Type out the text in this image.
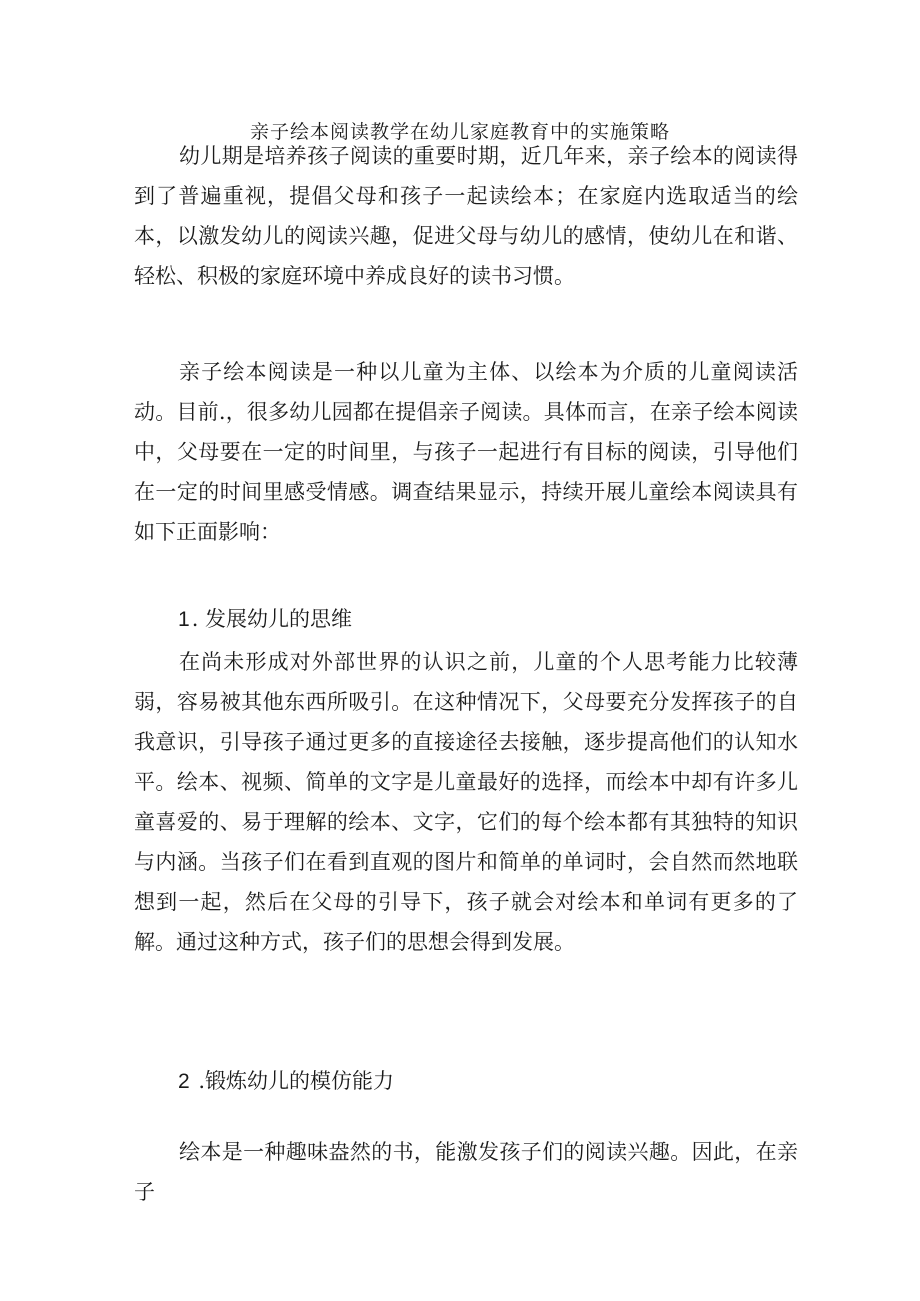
亲子绘本阅读教学在幼儿家庭教育中的实施策略

幼儿期是培养孩子阅读的重要时期，近几年来，亲子绘本的阅读得到了普遍重视，提倡父母和孩子一起读绘本；在家庭内选取适当的绘本，以激发幼儿的阅读兴趣，促进父母与幼儿的感情，使幼儿在和谐、轻松、积极的家庭环境中养成良好的读书习惯。

亲子绘本阅读是一种以儿童为主体、以绘本为介质的儿童阅读活动。目前.，很多幼儿园都在提倡亲子阅读。具体而言，在亲子绘本阅读中，父母要在一定的时间里，与孩子一起进行有目标的阅读，引导他们在一定的时间里感受情感。调查结果显示，持续开展儿童绘本阅读具有如下正面影响：

1. 发展幼儿的思维

在尚未形成对外部世界的认识之前，儿童的个人思考能力比较薄弱，容易被其他东西所吸引。在这种情况下，父母要充分发挥孩子的自我意识，引导孩子通过更多的直接途径去接触，逐步提高他们的认知水平。绘本、视频、简单的文字是儿童最好的选择，而绘本中却有许多儿童喜爱的、易于理解的绘本、文字，它们的每个绘本都有其独特的知识与内涵。当孩子们在看到直观的图片和简单的单词时，会自然而然地联想到一起，然后在父母的引导下，孩子就会对绘本和单词有更多的了解。通过这种方式，孩子们的思想会得到发展。

2 .锻炼幼儿的模仿能力

绘本是一种趣味盎然的书，能激发孩子们的阅读兴趣。因此，在亲子
